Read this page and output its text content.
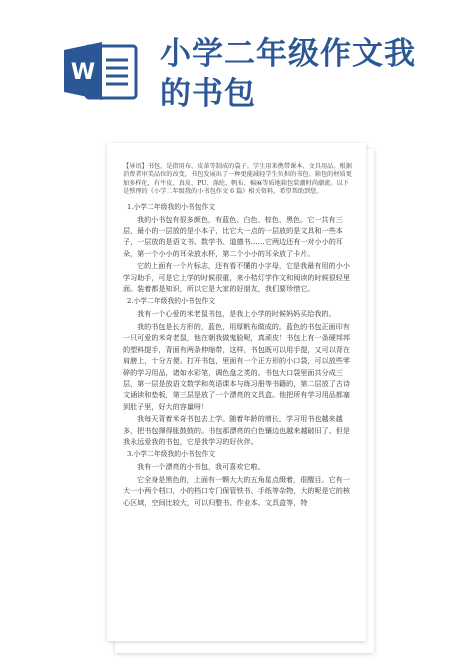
W
小学二年级作文我
的书包

【导语】书包，是指用布、皮革等制成的袋子。学生用来携带课本、文具用品。根据消费者审美品位的改变，书包发展出了一种更能减轻学生负担的书包。箱包的材质更加多样化，有牛皮、真皮、PU、涤纶、帆布、棉麻等质地箱包装潮时尚潮流。以下是整理的《小学二年级我的小书包作文 6 篇》相关资料，希望帮助到您。

1.小学二年级我的小书包作文

我的小书包有很多颜色，有蓝色、白色、棕色、黑色。它一共有三层，最小的一层放的是小本子，比它大一点的一层放的是文具和一些本子，一层放的是语文书、数学书、道德书……它两边还有一对小小的耳朵，第一个小小的耳朵放水杯，第二个小小的耳朵放了卡片。

它的上面有一个片标志，还有看不懂的小字母，它是我最有用的小小学习助手，可是它上学的时候很重，来小桔灯学作文和阅读的时候很轻里面。装着都是知识，所以它是大家的好朋友，我们要珍惜它。

2.小学二年级我的小书包作文

我有一个心爱的米老鼠书包，是我上小学的时候妈妈买给我的。

我的书包是长方形的，蓝色，用厚帆布做成的。蓝色的书包正面印有一只可爱的米奇老鼠，他在朝我做鬼脸呢，真顽皮！书包上有一条硬邦邦的塑料提手，背面有两条伸缩带，这样，书包既可以用手提，又可以背在肩膀上，十分方便。打开书包，里面有一个正方形的小口袋，可以放些零碎的学习用品，诸如水彩笔，调色盘之类的。书包大口袋里面共分成三层，第一层是放语文数学和英语课本与练习册等书籍的，第二层放了古诗文诵读和垫板，第三层是放了一个漂亮的文具盒。他把所有学习用品都塞到肚子里，好大的容量呀！

我每天背着米奇书包去上学。随着年龄的增长，学习用书也越来越多，把书包撑得胀鼓鼓的。书包那漂亮的白色镶边也越来越破旧了。但是我永远爱我的书包，它是我学习的好伙伴。

3.小学二年级我的小书包作文

我有一个漂亮的小书包，我可喜欢它啦。

它全身是黑色的，上面有一颗大大的五角星点缀着，很醒目。它有一大一小两个档口，小的档口专门保管铁书、手纸等杂物，大的呢是它的核心区域，空间比较大，可以归整书、作业本、文具盒等，特
